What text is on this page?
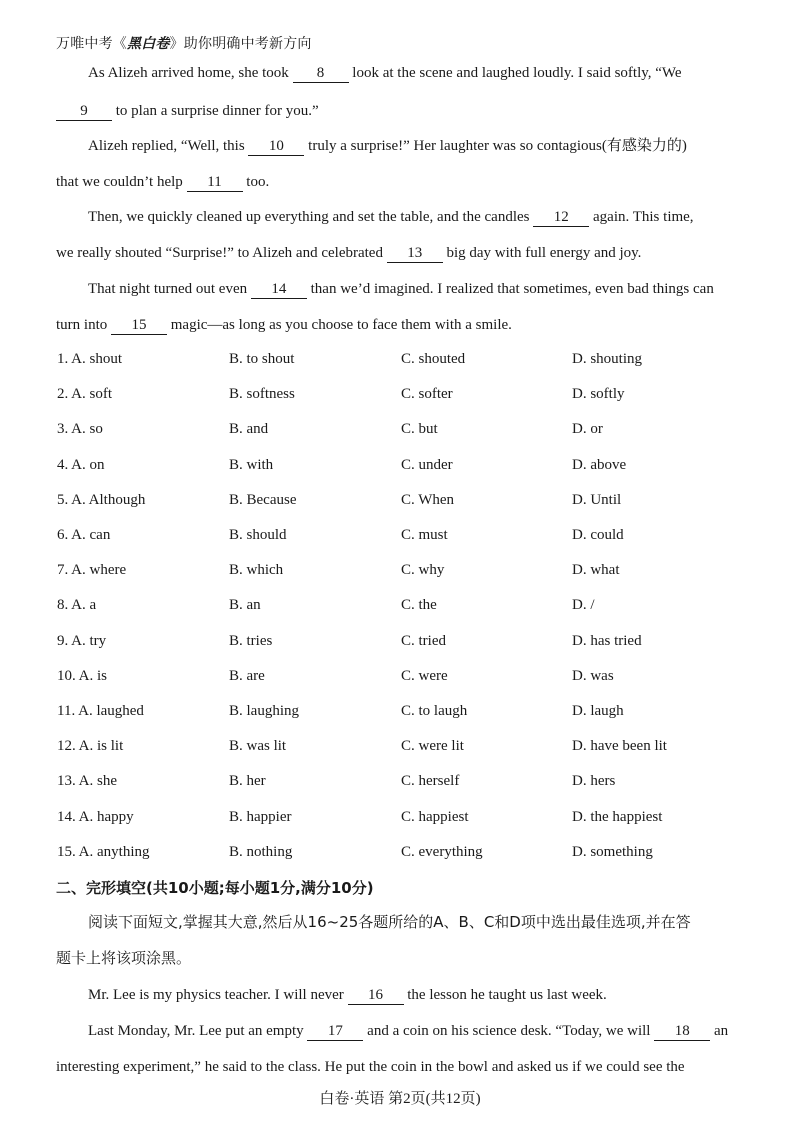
万唯中考《黑白卷》助你明确中考新方向
As Alizeh arrived home, she took 8 look at the scene and laughed loudly. I said softly, “We
9 to plan a surprise dinner for you.”
Alizeh replied, “Well, this 10 truly a surprise!” Her laughter was so contagious(有感染力的)
that we couldn’t help 11 too.
Then, we quickly cleaned up everything and set the table, and the candles 12 again. This time,
we really shouted “Surprise!” to Alizeh and celebrated 13 big day with full energy and joy.
That night turned out even 14 than we’d imagined. I realized that sometimes, even bad things can
turn into 15 magic—as long as you choose to face them with a smile.
1. A. shout	B. to shout	C. shouted	D. shouting
2. A. soft	B. softness	C. softer	D. softly
3. A. so	B. and	C. but	D. or
4. A. on	B. with	C. under	D. above
5. A. Although	B. Because	C. When	D. Until
6. A. can	B. should	C. must	D. could
7. A. where	B. which	C. why	D. what
8. A. a	B. an	C. the	D. /
9. A. try	B. tries	C. tried	D. has tried
10. A. is	B. are	C. were	D. was
11. A. laughed	B. laughing	C. to laugh	D. laugh
12. A. is lit	B. was lit	C. were lit	D. have been lit
13. A. she	B. her	C. herself	D. hers
14. A. happy	B. happier	C. happiest	D. the happiest
15. A. anything	B. nothing	C. everything	D. something
二、完形填空(共10小题;每小题1分,满分10分)
阅读下面短文,掌握其大意,然后从16~25各题所给的A、B、C和D项中选出最佳选项,并在答
题卡上将该项涂黑。
Mr. Lee is my physics teacher. I will never 16 the lesson he taught us last week.
Last Monday, Mr. Lee put an empty 17 and a coin on his science desk. “Today, we will 18 an
interesting experiment,” he said to the class. He put the coin in the bowl and asked us if we could see the
白卷·英语 第2页(共12页)
